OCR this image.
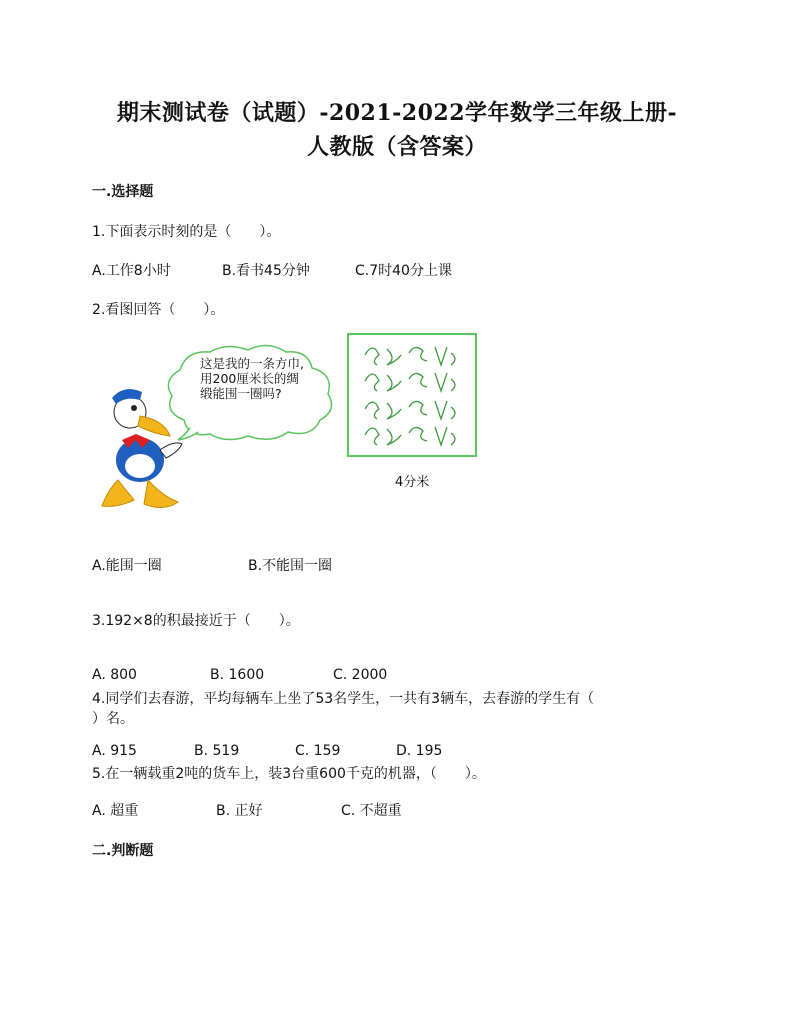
期末测试卷（试题）-2021-2022学年数学三年级上册-
人教版（含答案）
一.选择题
1.下面表示时刻的是（　　）。
A.工作8小时	B.看书45分钟	C.7时40分上课
2.看图回答（　　）。
这是我的一条方巾,
用200厘米长的绸
缎能围一圈吗?
4分米
A.能围一圈	B.不能围一圈
3.192×8的积最接近于（　　）。
A. 800	B. 1600	C. 2000
4.同学们去春游，平均每辆车上坐了53名学生，一共有3辆车，去春游的学生有（
）名。
A. 915	B. 519	C. 159	D. 195
5.在一辆载重2吨的货车上，装3台重600千克的机器，（　　）。
A. 超重	B. 正好	C. 不超重
二.判断题
